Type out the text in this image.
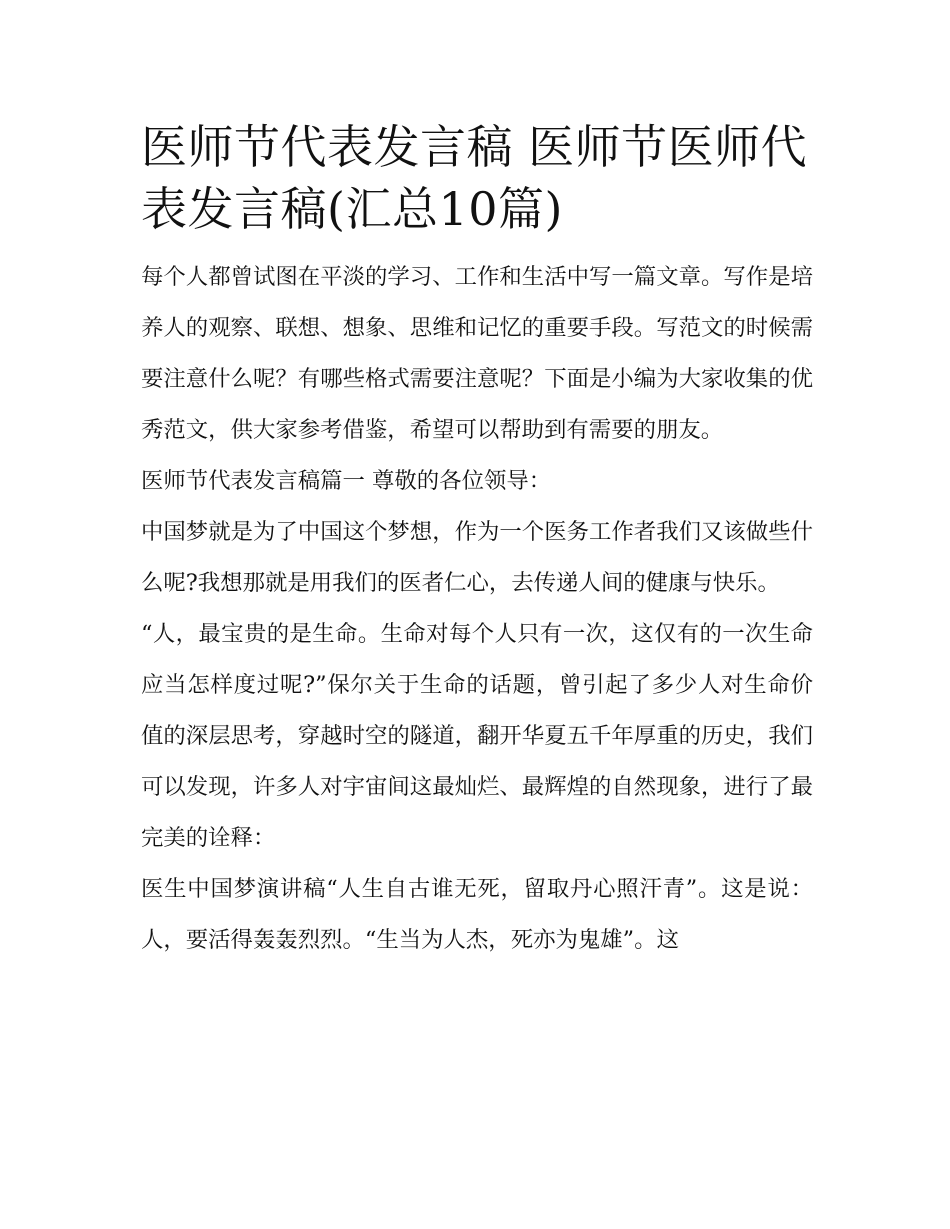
医师节代表发言稿 医师节医师代表发言稿(汇总10篇)

每个人都曾试图在平淡的学习、工作和生活中写一篇文章。写作是培养人的观察、联想、想象、思维和记忆的重要手段。写范文的时候需要注意什么呢？有哪些格式需要注意呢？下面是小编为大家收集的优秀范文，供大家参考借鉴，希望可以帮助到有需要的朋友。

医师节代表发言稿篇一 尊敬的各位领导：

中国梦就是为了中国这个梦想，作为一个医务工作者我们又该做些什么呢?我想那就是用我们的医者仁心，去传递人间的健康与快乐。

“人，最宝贵的是生命。生命对每个人只有一次，这仅有的一次生命应当怎样度过呢?”保尔关于生命的话题，曾引起了多少人对生命价值的深层思考，穿越时空的隧道，翻开华夏五千年厚重的历史，我们可以发现，许多人对宇宙间这最灿烂、最辉煌的自然现象，进行了最完美的诠释：

医生中国梦演讲稿“人生自古谁无死，留取丹心照汗青”。这是说：人，要活得轰轰烈烈。“生当为人杰，死亦为鬼雄”。这
